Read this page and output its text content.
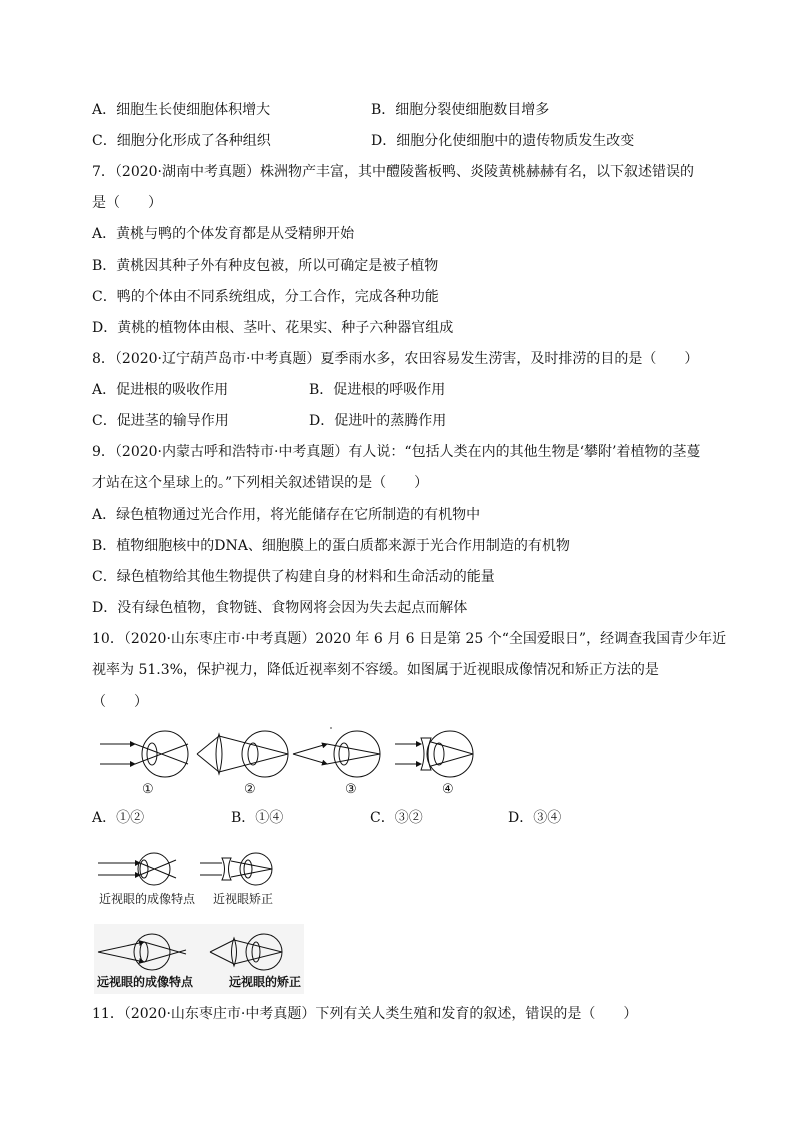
A．细胞生长使细胞体积增大	B．细胞分裂使细胞数目增多
C．细胞分化形成了各种组织	D．细胞分化使细胞中的遗传物质发生改变
7．（2020·湖南中考真题）株洲物产丰富，其中醴陵酱板鸭、炎陵黄桃赫赫有名，以下叙述错误的
是（　　）
A．黄桃与鸭的个体发育都是从受精卵开始
B．黄桃因其种子外有种皮包被，所以可确定是被子植物
C．鸭的个体由不同系统组成，分工合作，完成各种功能
D．黄桃的植物体由根、茎叶、花果实、种子六种器官组成
8．（2020·辽宁葫芦岛市·中考真题）夏季雨水多，农田容易发生涝害，及时排涝的目的是（　　）
A．促进根的吸收作用	B．促进根的呼吸作用
C．促进茎的输导作用	D．促进叶的蒸腾作用
9．（2020·内蒙古呼和浩特市·中考真题）有人说：“包括人类在内的其他生物是‘攀附’着植物的茎蔓
才站在这个星球上的。”下列相关叙述错误的是（　　）
A．绿色植物通过光合作用，将光能储存在它所制造的有机物中
B．植物细胞核中的DNA、细胞膜上的蛋白质都来源于光合作用制造的有机物
C．绿色植物给其他生物提供了构建自身的材料和生命活动的能量
D．没有绿色植物，食物链、食物网将会因为失去起点而解体
10．（2020·山东枣庄市·中考真题）2020 年 6 月 6 日是第 25 个“全国爱眼日”，经调查我国青少年近
视率为 51.3%，保护视力，降低近视率刻不容缓。如图属于近视眼成像情况和矫正方法的是
（　　）
①	②	③	④
A．①②	B．①④	C．③②	D．③④
近视眼的成像特点 近视眼矫正
远视眼的成像特点	远视眼的矫正
11．（2020·山东枣庄市·中考真题）下列有关人类生殖和发育的叙述，错误的是（　　）
